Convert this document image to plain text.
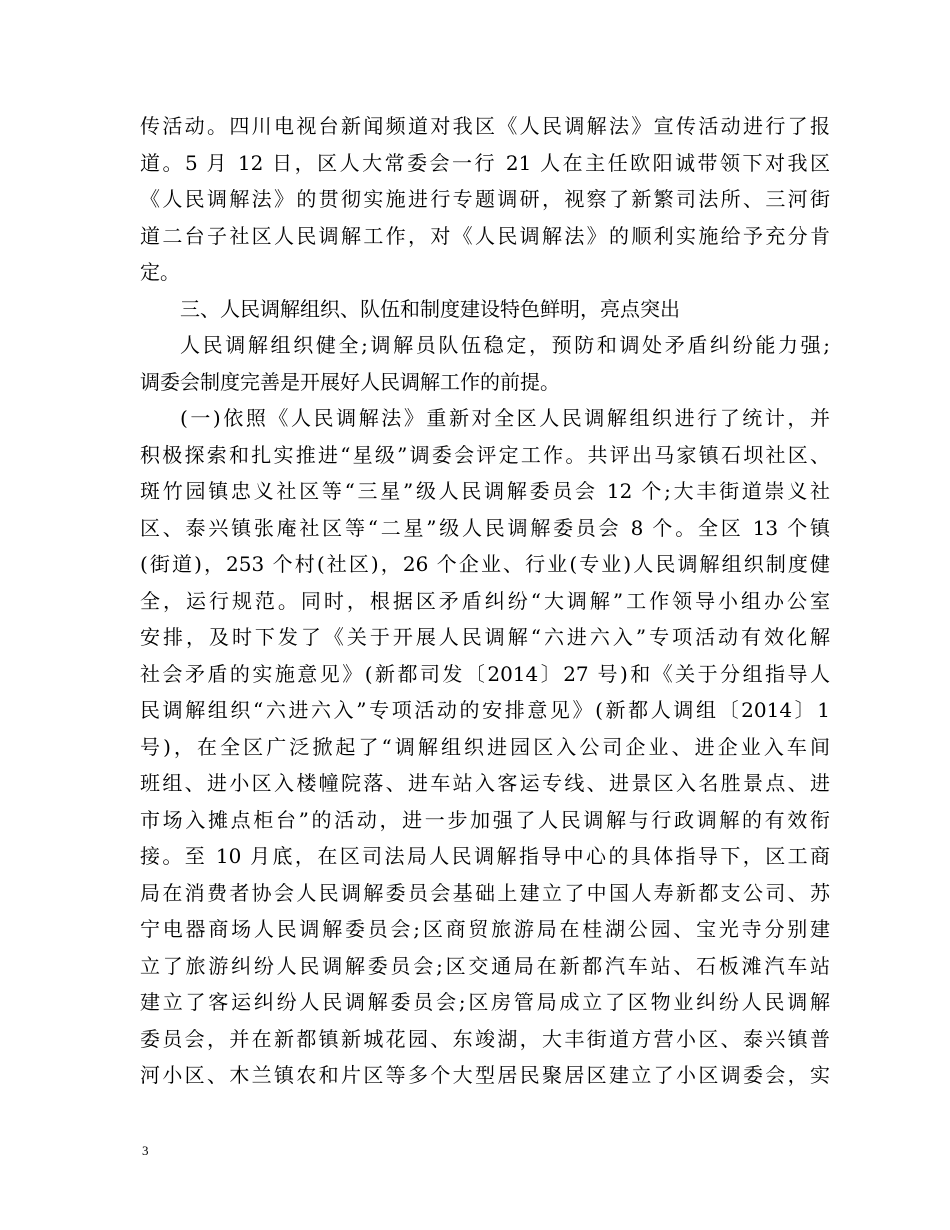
传活动。四川电视台新闻频道对我区《人民调解法》宣传活动进行了报
道。5 月 12 日，区人大常委会一行 21 人在主任欧阳诚带领下对我区
《人民调解法》的贯彻实施进行专题调研，视察了新繁司法所、三河街
道二台子社区人民调解工作，对《人民调解法》的顺利实施给予充分肯
定。
三、人民调解组织、队伍和制度建设特色鲜明，亮点突出
人民调解组织健全;调解员队伍稳定，预防和调处矛盾纠纷能力强;
调委会制度完善是开展好人民调解工作的前提。
(一)依照《人民调解法》重新对全区人民调解组织进行了统计，并
积极探索和扎实推进“星级”调委会评定工作。共评出马家镇石坝社区、
斑竹园镇忠义社区等“三星”级人民调解委员会 12 个;大丰街道崇义社
区、泰兴镇张庵社区等“二星”级人民调解委员会 8 个。全区 13 个镇
(街道)，253 个村(社区)，26 个企业、行业(专业)人民调解组织制度健
全，运行规范。同时，根据区矛盾纠纷“大调解”工作领导小组办公室
安排，及时下发了《关于开展人民调解“六进六入”专项活动有效化解
社会矛盾的实施意见》(新都司发〔2014〕27 号)和《关于分组指导人
民调解组织“六进六入”专项活动的安排意见》(新都人调组〔2014〕1
号)，在全区广泛掀起了“调解组织进园区入公司企业、进企业入车间
班组、进小区入楼幢院落、进车站入客运专线、进景区入名胜景点、进
市场入摊点柜台”的活动，进一步加强了人民调解与行政调解的有效衔
接。至 10 月底，在区司法局人民调解指导中心的具体指导下，区工商
局在消费者协会人民调解委员会基础上建立了中国人寿新都支公司、苏
宁电器商场人民调解委员会;区商贸旅游局在桂湖公园、宝光寺分别建
立了旅游纠纷人民调解委员会;区交通局在新都汽车站、石板滩汽车站
建立了客运纠纷人民调解委员会;区房管局成立了区物业纠纷人民调解
委员会，并在新都镇新城花园、东竣湖，大丰街道方营小区、泰兴镇普
河小区、木兰镇农和片区等多个大型居民聚居区建立了小区调委会，实
3
